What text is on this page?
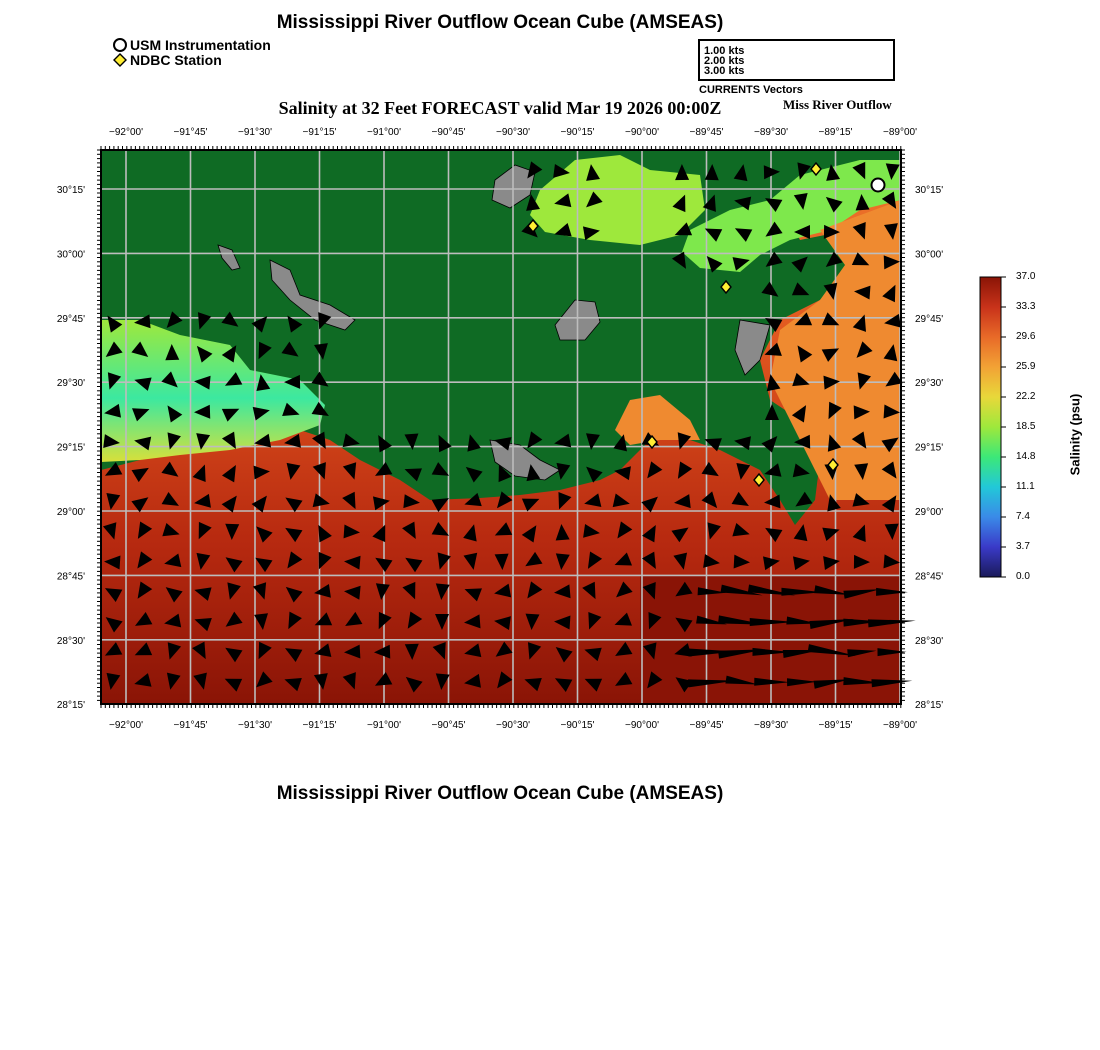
−92°00'	−91°45'	−91°30'	−91°15'	−91°00'	−90°45'	−90°30'	−90°15'	−90°00'	−89°45'	−89°30'	−89°15'	−89°00'
−92°00'	−91°45'	−91°30'	−91°15'	−91°00'	−90°45'	−90°30'	−90°15'	−90°00'	−89°45'	−89°30'	−89°15'	−89°00'
30°15'
30°00'
29°45'
29°30'
29°15'
29°00'
28°45'
28°30'
28°15'
30°15'
30°00'
29°45'
29°30'
29°15'
29°00'
28°45'
28°30'
28°15'
Mississippi River Outflow Ocean Cube (AMSEAS)
USM Instrumentation
NDBC Station
1.00 kts
2.00 kts
3.00 kts
CURRENTS Vectors
Salinity at 32 Feet FORECAST valid Mar 19 2026 00:00Z	Miss River Outflow
Salinity (psu)
37.0
33.3
29.6
25.9
22.2
18.5
14.8
11.1
7.4
3.7
0.0
Mississippi River Outflow Ocean Cube (AMSEAS)
